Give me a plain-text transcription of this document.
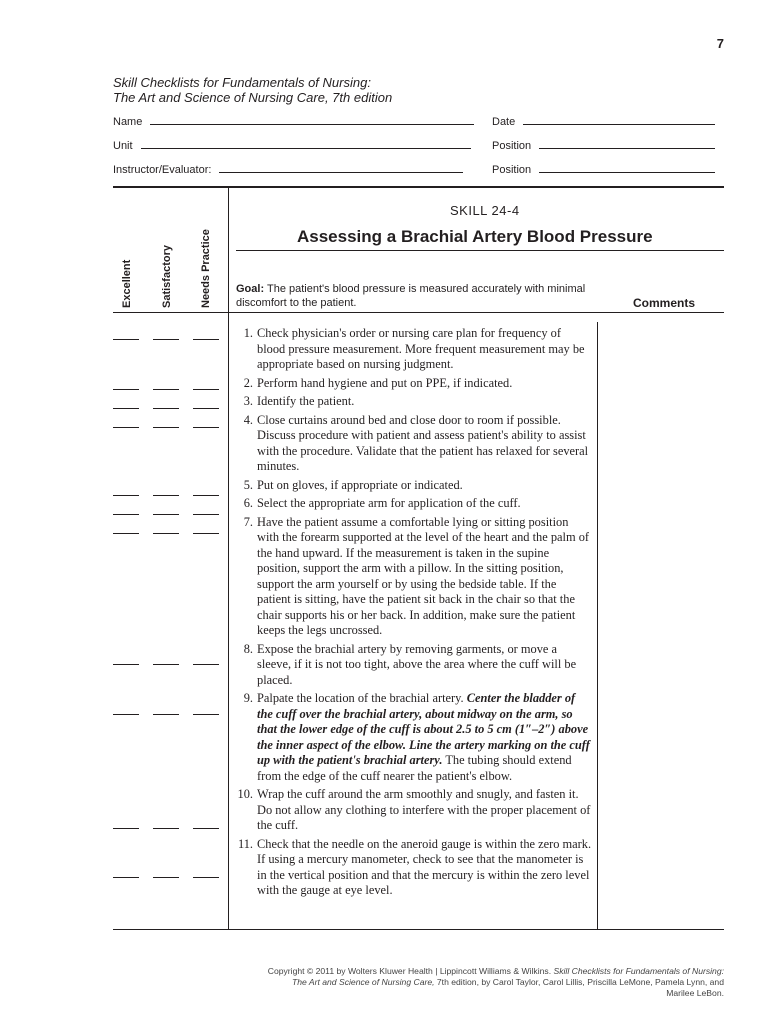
7
Skill Checklists for Fundamentals of Nursing:
The Art and Science of Nursing Care, 7th edition
Name	Date
Unit	Position
Instructor/Evaluator:	Position
Excellent	Satisfactory Needs Practice
SKILL 24-4
Assessing a Brachial Artery Blood Pressure
Goal: The patient's blood pressure is measured accurately with minimal discomfort to the patient.	Comments
1. Check physician's order or nursing care plan for frequency of blood pressure measurement. More frequent measurement may be appropriate based on nursing judgment.
2. Perform hand hygiene and put on PPE, if indicated.
3. Identify the patient.
4. Close curtains around bed and close door to room if possible. Discuss procedure with patient and assess patient's ability to assist with the procedure. Validate that the patient has relaxed for several minutes.
5. Put on gloves, if appropriate or indicated.
6. Select the appropriate arm for application of the cuff.
7. Have the patient assume a comfortable lying or sitting position with the forearm supported at the level of the heart and the palm of the hand upward. If the measurement is taken in the supine position, support the arm with a pillow. In the sitting position, support the arm yourself or by using the bedside table. If the patient is sitting, have the patient sit back in the chair so that the chair supports his or her back. In addition, make sure the patient keeps the legs uncrossed.
8. Expose the brachial artery by removing garments, or move a sleeve, if it is not too tight, above the area where the cuff will be placed.
9. Palpate the location of the brachial artery. Center the bladder of the cuff over the brachial artery, about midway on the arm, so that the lower edge of the cuff is about 2.5 to 5 cm (1″–2″) above the inner aspect of the elbow. Line the artery marking on the cuff up with the patient's brachial artery. The tubing should extend from the edge of the cuff nearer the patient's elbow.
10. Wrap the cuff around the arm smoothly and snugly, and fasten it. Do not allow any clothing to interfere with the proper placement of the cuff.
11. Check that the needle on the aneroid gauge is within the zero mark. If using a mercury manometer, check to see that the manometer is in the vertical position and that the mercury is within the zero level with the gauge at eye level.
Copyright © 2011 by Wolters Kluwer Health | Lippincott Williams & Wilkins. Skill Checklists for Fundamentals of Nursing:
The Art and Science of Nursing Care, 7th edition, by Carol Taylor, Carol Lillis, Priscilla LeMone, Pamela Lynn, and Marilee LeBon.
